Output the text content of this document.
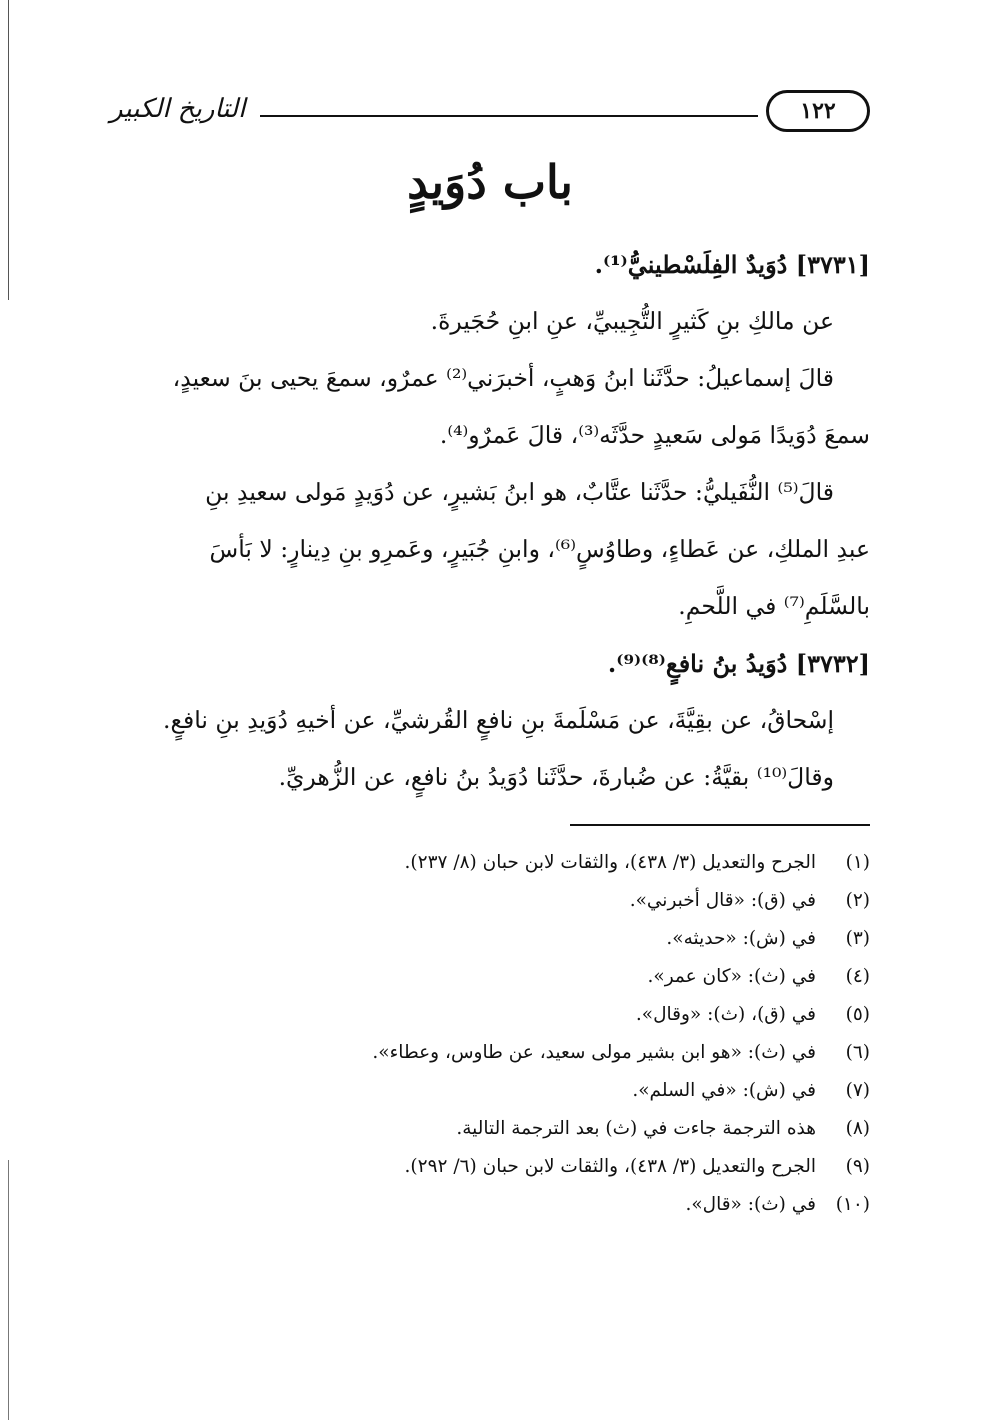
التاريخ الكبير	١٢٢
باب دُوَيدٍ
[٣٧٣١] دُوَيدٌ الفِلَسْطينيُّ⁽¹⁾.
عن مالكِ بنِ كَثيرٍ التُّجِيبيِّ، عنِ ابنِ حُجَيرةَ.
قالَ إسماعيلُ: حدَّثَنا ابنُ وَهبٍ، أخبرَني⁽²⁾ عمرٌو، سمعَ يحيى بنَ سعيدٍ،
سمعَ دُوَيدًا مَولى سَعيدٍ حدَّثَه⁽³⁾، قالَ عَمرٌو⁽⁴⁾.
قالَ⁽⁵⁾ النُّفَيليُّ: حدَّثَنا عتَّابٌ، هو ابنُ بَشيرٍ، عن دُوَيدٍ مَولى سعيدِ بنِ
عبدِ الملكِ، عن عَطاءٍ، وطاوُسٍ⁽⁶⁾، وابنِ جُبَيرٍ، وعَمرِو بنِ دِينارٍ: لا بَأسَ
بالسَّلَمِ⁽⁷⁾ في اللَّحمِ.
[٣٧٣٢] دُوَيدُ بنُ نافعٍ⁽⁸⁾⁽⁹⁾.
إسْحاقُ، عن بقِيَّةَ، عن مَسْلَمةَ بنِ نافعٍ القُرشيِّ، عن أخيهِ دُوَيدِ بنِ نافعٍ.
وقالَ⁽¹⁰⁾ بقيَّةُ: عن ضُبارةَ، حدَّثَنا دُوَيدُ بنُ نافعٍ، عن الزُّهريِّ.
(١)الجرح والتعديل (٣/ ٤٣٨)، والثقات لابن حبان (٨/ ٢٣٧).
(٢)في (ق): «قال أخبرني».
(٣)في (ش): «حديثه».
(٤)في (ث): «كان عمر».
(٥)في (ق)، (ث): «وقال».
(٦)في (ث): «هو ابن بشير مولى سعيد، عن طاوس، وعطاء».
(٧)في (ش): «في السلم».
(٨)هذه الترجمة جاءت في (ث) بعد الترجمة التالية.
(٩)الجرح والتعديل (٣/ ٤٣٨)، والثقات لابن حبان (٦/ ٢٩٢).
(١٠)في (ث): «قال».
